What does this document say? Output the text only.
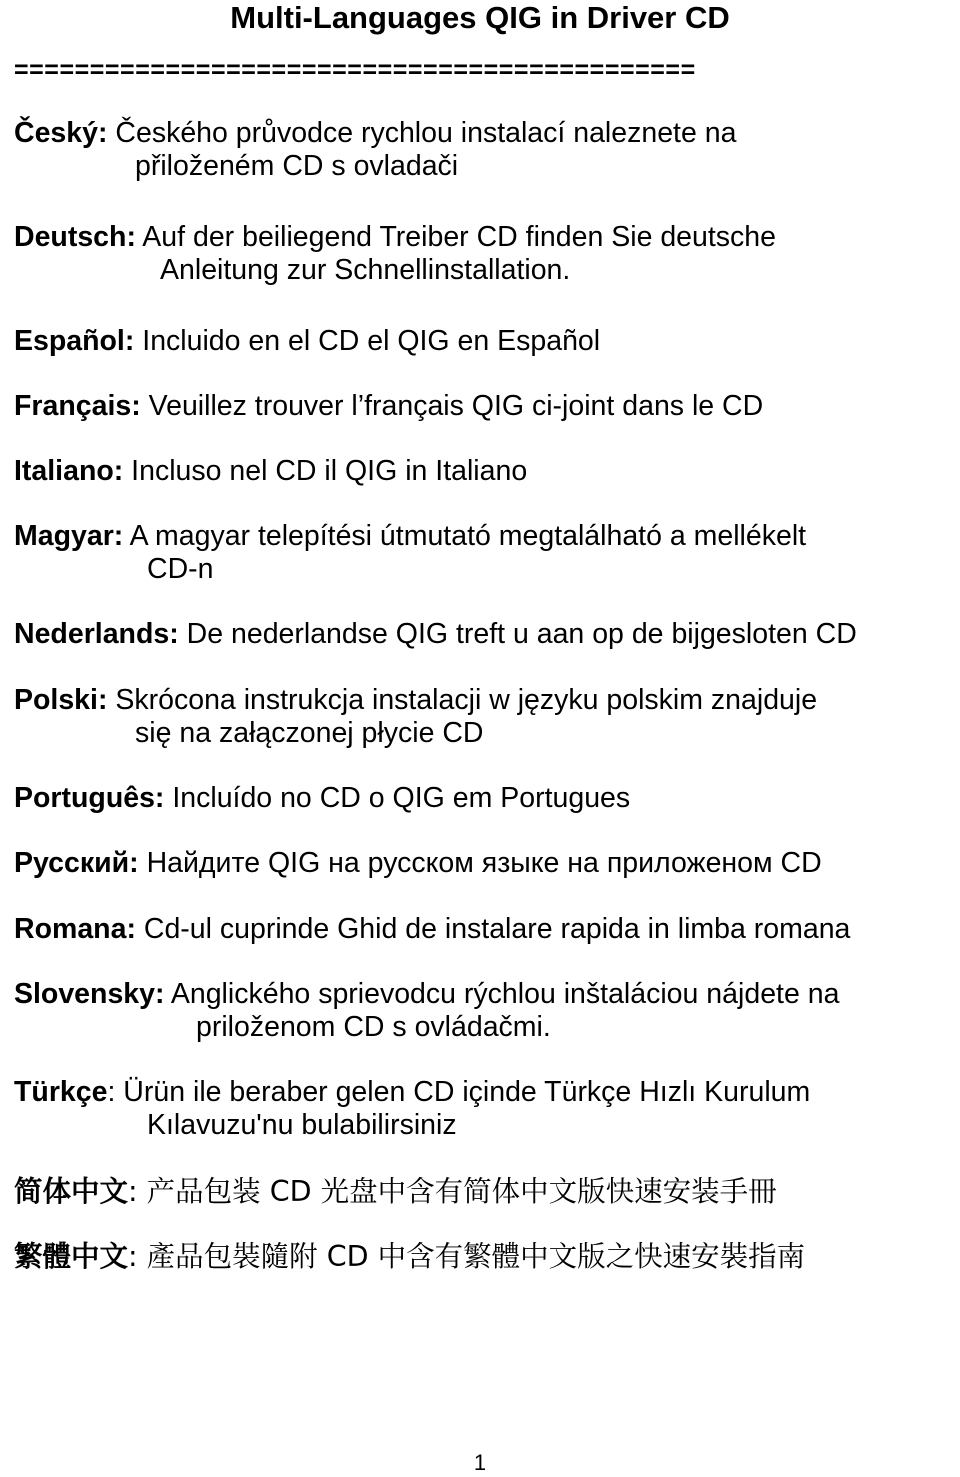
Multi-Languages QIG in Driver CD
=============================================
Český: Českého průvodce rychlou instalací naleznete na
přiloženém CD s ovladači
Deutsch: Auf der beiliegend Treiber CD finden Sie deutsche
Anleitung zur Schnellinstallation.
Español: Incluido en el CD el QIG en Español
Français: Veuillez trouver l’français QIG ci-joint dans le CD
Italiano: Incluso nel CD il QIG in Italiano
Magyar: A magyar telepítési útmutató megtalálható a mellékelt
CD-n
Nederlands: De nederlandse QIG treft u aan op de bijgesloten CD
Polski: Skrócona instrukcja instalacji w języku polskim znajduje
się na załączonej płycie CD
Português: Incluído no CD o QIG em Portugues
Русский: Найдите QIG на русском языке на приложеном CD
Romana: Cd-ul cuprinde Ghid de instalare rapida in limba romana
Slovensky: Anglického sprievodcu rýchlou inštaláciou nájdete na
priloženom CD s ovládačmi.
Türkçe: Ürün ile beraber gelen CD içinde Türkçe Hızlı Kurulum
Kılavuzu'nu bulabilirsiniz
简体中文: 产品包装 CD 光盘中含有简体中文版快速安装手冊
繁體中文: 產品包裝隨附 CD 中含有繁體中文版之快速安裝指南
1
